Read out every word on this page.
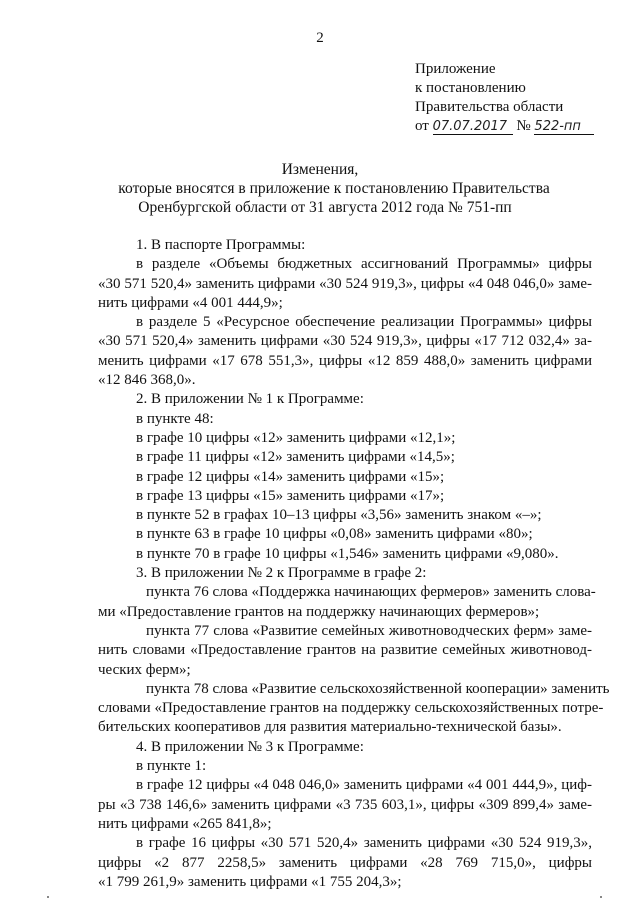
2
Приложение
к постановлению
Правительства области
от 07.07.2017 № 522-пп
Изменения,
которые вносятся в приложение к постановлению Правительства
Оренбургской области от 31 августа 2012 года № 751-пп
1. В паспорте Программы:
в разделе «Объемы бюджетных ассигнований Программы» цифры
«30 571 520,4» заменить цифрами «30 524 919,3», цифры «4 048 046,0» заме-
нить цифрами «4 001 444,9»;
в разделе 5 «Ресурсное обеспечение реализации Программы» цифры
«30 571 520,4» заменить цифрами «30 524 919,3», цифры «17 712 032,4» за-
менить цифрами «17 678 551,3», цифры «12 859 488,0» заменить цифрами
«12 846 368,0».
2. В приложении № 1 к Программе:
в пункте 48:
в графе 10 цифры «12» заменить цифрами «12,1»;
в графе 11 цифры «12» заменить цифрами «14,5»;
в графе 12 цифры «14» заменить цифрами «15»;
в графе 13 цифры «15» заменить цифрами «17»;
в пункте 52 в графах 10–13 цифры «3,56» заменить знаком «–»;
в пункте 63 в графе 10 цифры «0,08» заменить цифрами «80»;
в пункте 70 в графе 10 цифры «1,546» заменить цифрами «9,080».
3. В приложении № 2 к Программе в графе 2:
пункта 76 слова «Поддержка начинающих фермеров» заменить слова-
ми «Предоставление грантов на поддержку начинающих фермеров»;
пункта 77 слова «Развитие семейных животноводческих ферм» заме-
нить словами «Предоставление грантов на развитие семейных животновод-
ческих ферм»;
пункта 78 слова «Развитие сельскохозяйственной кооперации» заменить
словами «Предоставление грантов на поддержку сельскохозяйственных потре-
бительских кооперативов для развития материально-технической базы».
4. В приложении № 3 к Программе:
в пункте 1:
в графе 12 цифры «4 048 046,0» заменить цифрами «4 001 444,9», циф-
ры «3 738 146,6» заменить цифрами «3 735 603,1», цифры «309 899,4» заме-
нить цифрами «265 841,8»;
в графе 16 цифры «30 571 520,4» заменить цифрами «30 524 919,3»,
цифры «2 877 2258,5» заменить цифрами «28 769 715,0», цифры
«1 799 261,9» заменить цифрами «1 755 204,3»;
